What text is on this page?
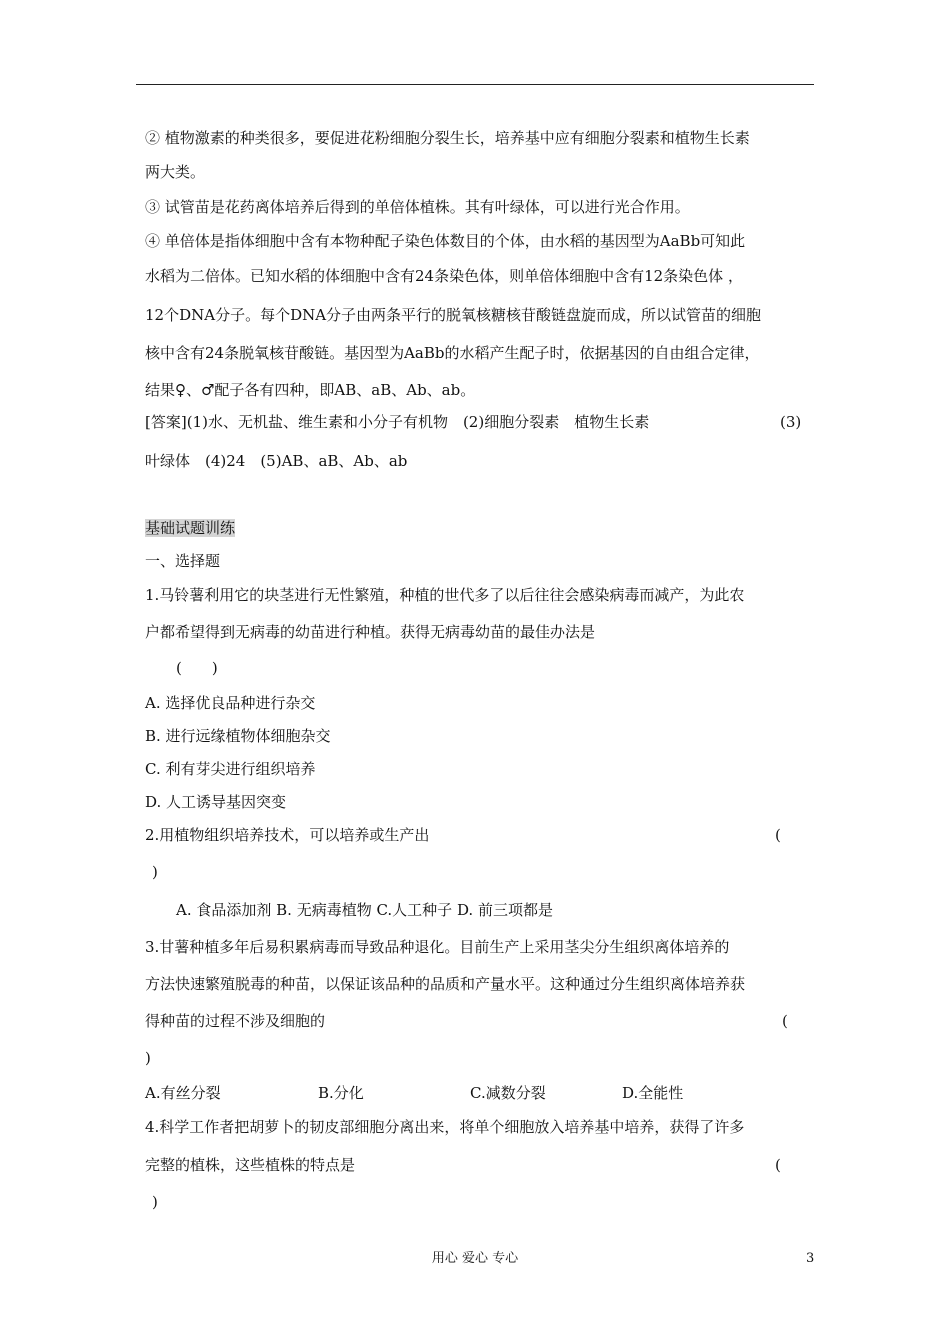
② 植物激素的种类很多，要促进花粉细胞分裂生长，培养基中应有细胞分裂素和植物生长素
两大类。
③ 试管苗是花药离体培养后得到的单倍体植株。其有叶绿体，可以进行光合作用。
④ 单倍体是指体细胞中含有本物种配子染色体数目的个体，由水稻的基因型为AaBb可知此
水稻为二倍体。已知水稻的体细胞中含有24条染色体，则单倍体细胞中含有12条染色体 ，
12个DNA分子。每个DNA分子由两条平行的脱氧核糖核苷酸链盘旋而成，所以试管苗的细胞
核中含有24条脱氧核苷酸链。基因型为AaBb的水稻产生配子时，依据基因的自由组合定律，
结果♀、♂配子各有四种，即AB、aB、Ab、ab。
[答案](1)水、无机盐、维生素和小分子有机物　(2)细胞分裂素　植物生长素	(3)
叶绿体　(4)24　(5)AB、aB、Ab、ab
基础试题训练
一、选择题
1.马铃薯利用它的块茎进行无性繁殖，种植的世代多了以后往往会感染病毒而减产，为此农
户都希望得到无病毒的幼苗进行种植。获得无病毒幼苗的最佳办法是
(　　)
A. 选择优良品种进行杂交
B. 进行远缘植物体细胞杂交
C. 利有芽尖进行组织培养
D. 人工诱导基因突变
2.用植物组织培养技术，可以培养或生产出	(
)
A. 食品添加剂 B. 无病毒植物 C.人工种子 D. 前三项都是
3.甘薯种植多年后易积累病毒而导致品种退化。目前生产上采用茎尖分生组织离体培养的
方法快速繁殖脱毒的种苗，以保证该品种的品质和产量水平。这种通过分生组织离体培养获
得种苗的过程不涉及细胞的	(
)
A.有丝分裂	B.分化	C.减数分裂	D.全能性
4.科学工作者把胡萝卜的韧皮部细胞分离出来，将单个细胞放入培养基中培养，获得了许多
完整的植株，这些植株的特点是	(
)
用心 爱心 专心	3
